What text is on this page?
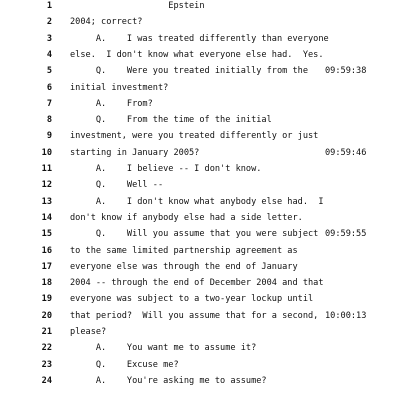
1 Epstein
2 2004; correct?
3 A.    I was treated differently than everyone
4 else.  I don't know what everyone else had.  Yes.
5 Q.    Were you treated initially from the 09:59:38
6 initial investment?
7 A.    From?
8 Q.    From the time of the initial
9 investment, were you treated differently or just
10 starting in January 2005?	09:59:46
11 A.    I believe -- I don't know.
12 Q.    Well --
13 A.    I don't know what anybody else had.  I
14 don't know if anybody else had a side letter.
15 Q.    Will you assume that you were subject 09:59:55
16 to the same limited partnership agreement as
17 everyone else was through the end of January
18 2004 -- through the end of December 2004 and that
19 everyone was subject to a two-year lockup until
20 that period?  Will you assume that for a second, 10:00:13
21 please?
22 A.    You want me to assume it?
23 Q.    Excuse me?
24 A.    You're asking me to assume?
